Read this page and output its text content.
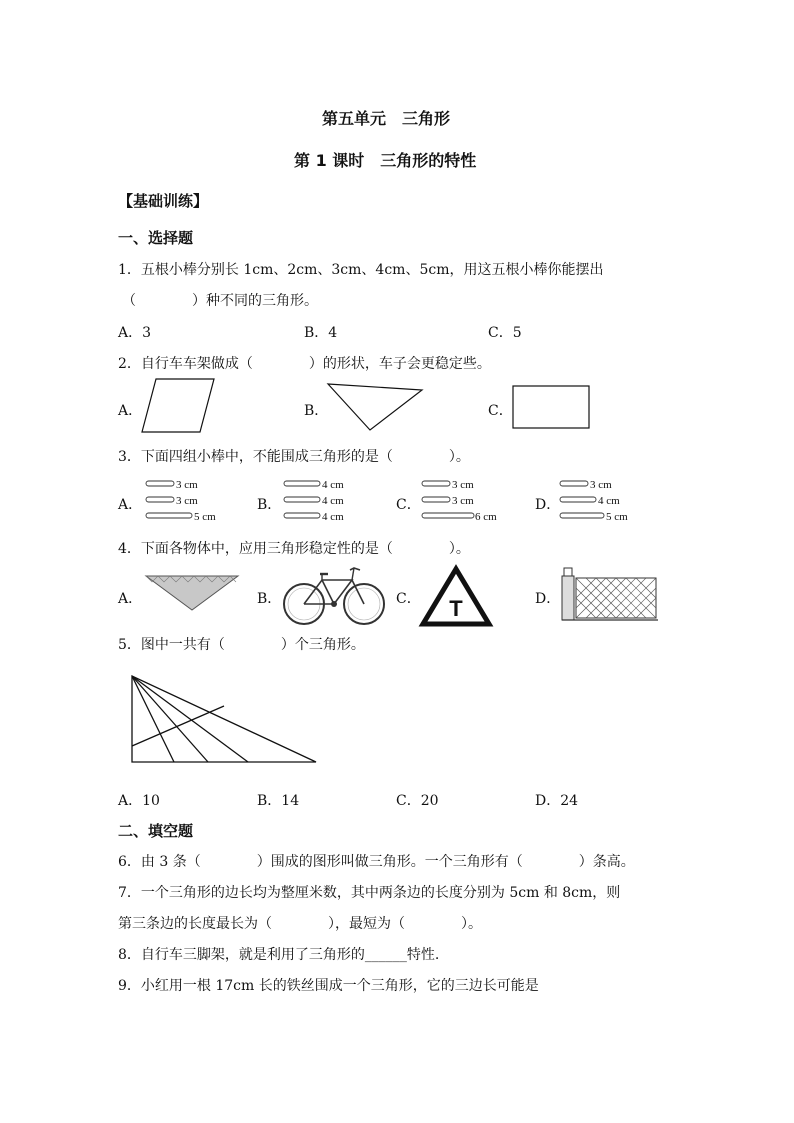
第五单元　三角形
第 1 课时　三角形的特性
【基础训练】
一、选择题
1．五根小棒分别长 1cm、2cm、3cm、4cm、5cm，用这五根小棒你能摆出
（　　　　）种不同的三角形。
A．3	B．4	C．5
2．自行车车架做成（　　　　）的形状，车子会更稳定些。
A．	B．	C．
3．下面四组小棒中，不能围成三角形的是（　　　　）。
A．	B．	C．	D．
3 cm
3 cm
5 cm
4 cm
4 cm
4 cm
3 cm
3 cm
6 cm
3 cm
4 cm
5 cm
4．下面各物体中，应用三角形稳定性的是（　　　　）。
A．	B．	C． T	D．
5．图中一共有（　　　　）个三角形。
A．10	B．14	C．20	D．24
二、填空题
6．由 3 条（　　　　）围成的图形叫做三角形。一个三角形有（　　　　）条高。
7．一个三角形的边长均为整厘米数，其中两条边的长度分别为 5cm 和 8cm，则
第三条边的长度最长为（　　　　），最短为（　　　　）。
8．自行车三脚架，就是利用了三角形的______特性.
9．小红用一根 17cm 长的铁丝围成一个三角形，它的三边长可能是
